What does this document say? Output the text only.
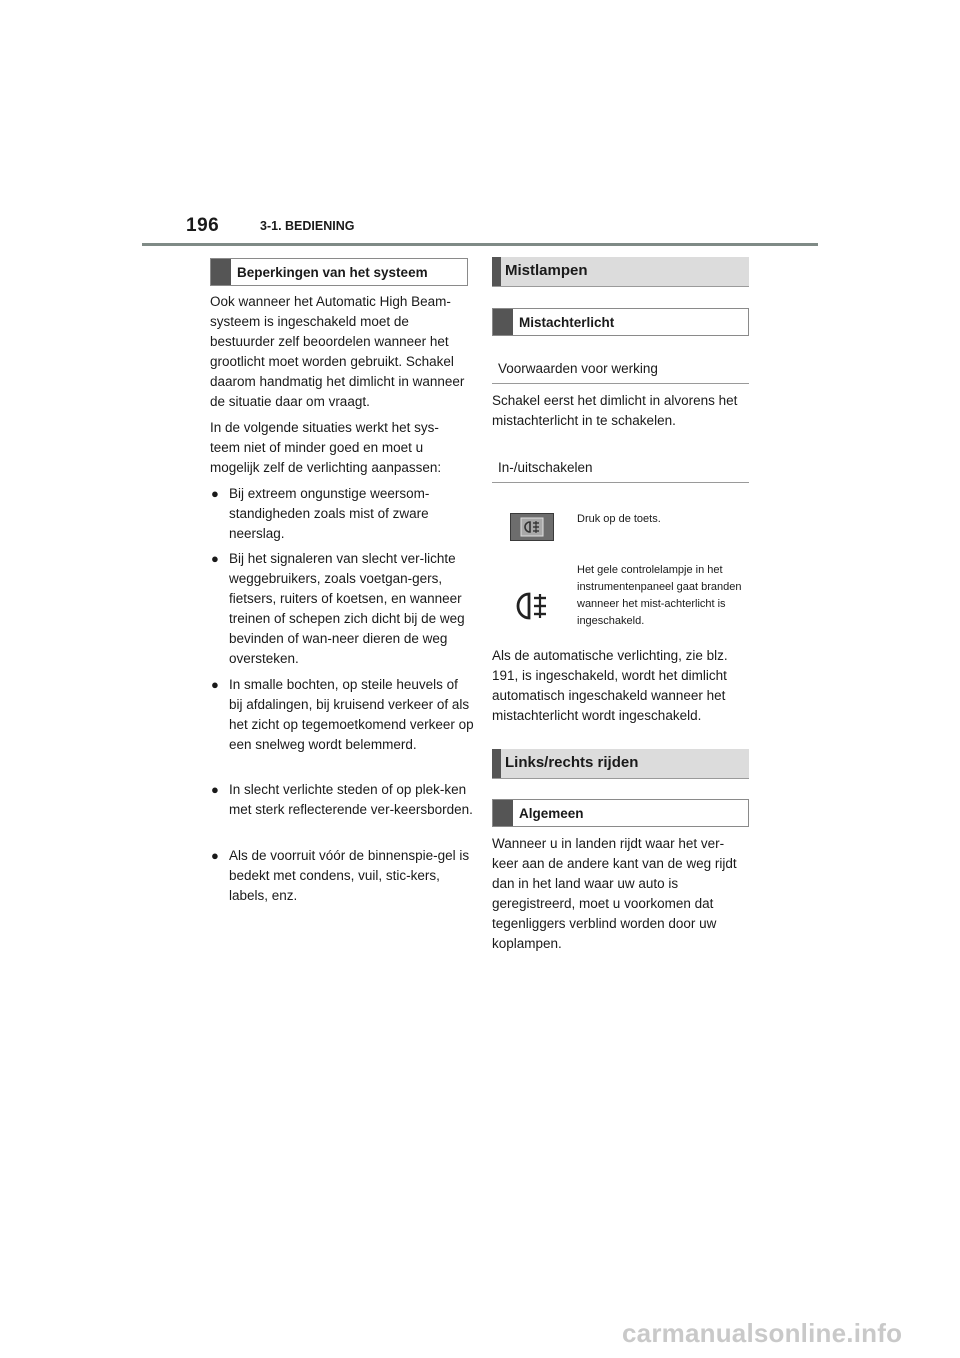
196	3-1. BEDIENING
Beperkingen van het systeem
Ook wanneer het Automatic High Beam-systeem is ingeschakeld moet de bestuurder zelf beoordelen wanneer het grootlicht moet worden gebruikt. Schakel daarom handmatig het dimlicht in wanneer de situatie daar om vraagt.
In de volgende situaties werkt het sys-teem niet of minder goed en moet u mogelijk zelf de verlichting aanpassen:
● Bij extreem ongunstige weersom-standigheden zoals mist of zware neerslag.
● Bij het signaleren van slecht ver-lichte weggebruikers, zoals voetgan-gers, fietsers, ruiters of koetsen, en wanneer treinen of schepen zich dicht bij de weg bevinden of wan-neer dieren de weg oversteken.
● In smalle bochten, op steile heuvels of bij afdalingen, bij kruisend verkeer of als het zicht op tegemoetkomend verkeer op een snelweg wordt belemmerd.
● In slecht verlichte steden of op plek-ken met sterk reflecterende ver-keersborden.
● Als de voorruit vóór de binnenspie-gel is bedekt met condens, vuil, stic-kers, labels, enz.
Mistlampen
Mistachterlicht
Voorwaarden voor werking
Schakel eerst het dimlicht in alvorens het mistachterlicht in te schakelen.
In-/uitschakelen
Druk op de toets.
Het gele controlelampje in het instrumentenpaneel gaat branden wanneer het mist-achterlicht is ingeschakeld.
Als de automatische verlichting, zie blz. 191, is ingeschakeld, wordt het dimlicht automatisch ingeschakeld wanneer het mistachterlicht wordt ingeschakeld.
Links/rechts rijden
Algemeen
Wanneer u in landen rijdt waar het ver-keer aan de andere kant van de weg rijdt dan in het land waar uw auto is geregistreerd, moet u voorkomen dat tegenliggers verblind worden door uw koplampen.
carmanualsonline.info
